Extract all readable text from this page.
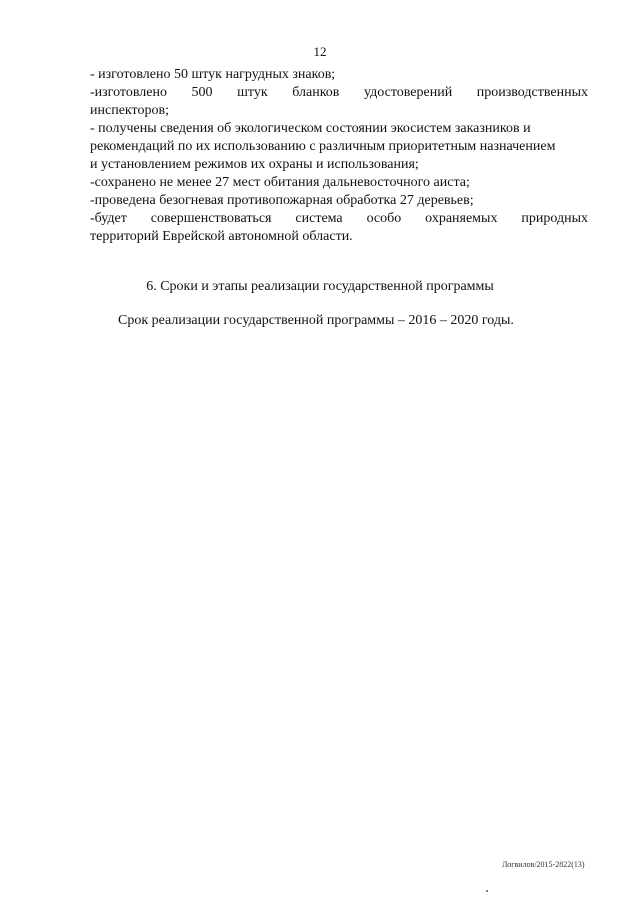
12

- изготовлено 50 штук нагрудных знаков;

-изготовлено 500 штук бланков удостоверений производственных
инспекторов;

- получены сведения об экологическом состоянии экосистем заказников и
рекомендаций по их использованию с различным приоритетным назначением
и установлением режимов их охраны и использования;

-сохранено не менее 27 мест обитания дальневосточного аиста;

-проведена безогневая противопожарная обработка 27 деревьев;

-будет совершенствоваться система особо охраняемых природных
территорий Еврейской автономной области.

6. Сроки и этапы реализации государственной программы
Срок реализации государственной программы – 2016 – 2020 годы.
Логвилов/2015-2822(13)
